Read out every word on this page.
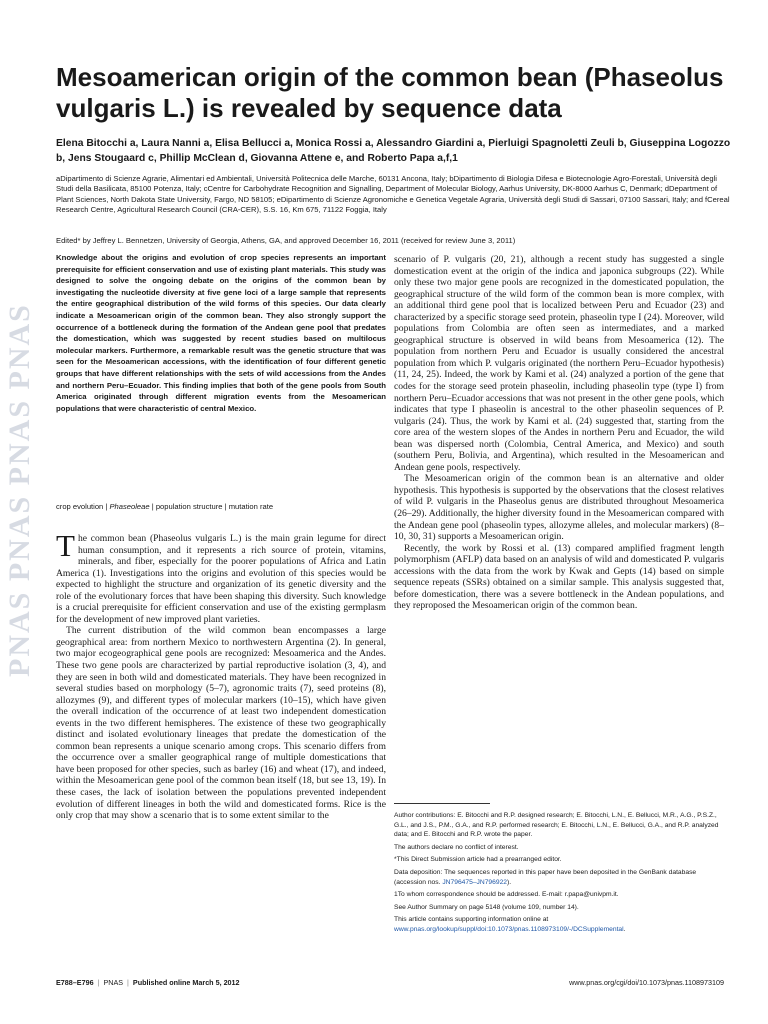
PNAS PNAS PNAS PNAS
Mesoamerican origin of the common bean (Phaseolus vulgaris L.) is revealed by sequence data

Elena Bitocchi a, Laura Nanni a, Elisa Bellucci a, Monica Rossi a, Alessandro Giardini a, Pierluigi Spagnoletti Zeuli b, Giuseppina Logozzo b, Jens Stougaard c, Phillip McClean d, Giovanna Attene e, and Roberto Papa a,f,1

aDipartimento di Scienze Agrarie, Alimentari ed Ambientali, Università Politecnica delle Marche, 60131 Ancona, Italy; bDipartimento di Biologia Difesa e Biotecnologie Agro-Forestali, Università degli Studi della Basilicata, 85100 Potenza, Italy; cCentre for Carbohydrate Recognition and Signalling, Department of Molecular Biology, Aarhus University, DK-8000 Aarhus C, Denmark; dDepartment of Plant Sciences, North Dakota State University, Fargo, ND 58105; eDipartimento di Scienze Agronomiche e Genetica Vegetale Agraria, Università degli Studi di Sassari, 07100 Sassari, Italy; and fCereal Research Centre, Agricultural Research Council (CRA-CER), S.S. 16, Km 675, 71122 Foggia, Italy

Edited* by Jeffrey L. Bennetzen, University of Georgia, Athens, GA, and approved December 16, 2011 (received for review June 3, 2011)

Knowledge about the origins and evolution of crop species represents an important prerequisite for efficient conservation and use of existing plant materials. This study was designed to solve the ongoing debate on the origins of the common bean by investigating the nucleotide diversity at five gene loci of a large sample that represents the entire geographical distribution of the wild forms of this species. Our data clearly indicate a Mesoamerican origin of the common bean. They also strongly support the occurrence of a bottleneck during the formation of the Andean gene pool that predates the domestication, which was suggested by recent studies based on multilocus molecular markers. Furthermore, a remarkable result was the genetic structure that was seen for the Mesoamerican accessions, with the identification of four different genetic groups that have different relationships with the sets of wild accessions from the Andes and northern Peru–Ecuador. This finding implies that both of the gene pools from South America originated through different migration events from the Mesoamerican populations that were characteristic of central Mexico.

crop evolution | Phaseoleae | population structure | mutation rate

The common bean (Phaseolus vulgaris L.) is the main grain legume for direct human consumption, and it represents a rich source of protein, vitamins, minerals, and fiber, especially for the poorer populations of Africa and Latin America (1). Investigations into the origins and evolution of this species would be expected to highlight the structure and organization of its genetic diversity and the role of the evolutionary forces that have been shaping this diversity. Such knowledge is a crucial prerequisite for efficient conservation and use of the existing germplasm for the development of new improved plant varieties.

The current distribution of the wild common bean encompasses a large geographical area: from northern Mexico to northwestern Argentina (2). In general, two major ecogeographical gene pools are recognized: Mesoamerica and the Andes. These two gene pools are characterized by partial reproductive isolation (3, 4), and they are seen in both wild and domesticated materials. They have been recognized in several studies based on morphology (5–7), agronomic traits (7), seed proteins (8), allozymes (9), and different types of molecular markers (10–15), which have given the overall indication of the occurrence of at least two independent domestication events in the two different hemispheres. The existence of these two geographically distinct and isolated evolutionary lineages that predate the domestication of the common bean represents a unique scenario among crops. This scenario differs from the occurrence over a smaller geographical range of multiple domestications that have been proposed for other species, such as barley (16) and wheat (17), and indeed, within the Mesoamerican gene pool of the common bean itself (18, but see 13, 19). In these cases, the lack of isolation between the populations prevented independent evolution of different lineages in both the wild and domesticated forms. Rice is the only crop that may show a scenario that is to some extent similar to the

scenario of P. vulgaris (20, 21), although a recent study has suggested a single domestication event at the origin of the indica and japonica subgroups (22). While only these two major gene pools are recognized in the domesticated population, the geographical structure of the wild form of the common bean is more complex, with an additional third gene pool that is localized between Peru and Ecuador (23) and characterized by a specific storage seed protein, phaseolin type I (24). Moreover, wild populations from Colombia are often seen as intermediates, and a marked geographical structure is observed in wild beans from Mesoamerica (12). The population from northern Peru and Ecuador is usually considered the ancestral population from which P. vulgaris originated (the northern Peru–Ecuador hypothesis) (11, 24, 25). Indeed, the work by Kami et al. (24) analyzed a portion of the gene that codes for the storage seed protein phaseolin, including phaseolin type (type I) from northern Peru–Ecuador accessions that was not present in the other gene pools, which indicates that type I phaseolin is ancestral to the other phaseolin sequences of P. vulgaris (24). Thus, the work by Kami et al. (24) suggested that, starting from the core area of the western slopes of the Andes in northern Peru and Ecuador, the wild bean was dispersed north (Colombia, Central America, and Mexico) and south (southern Peru, Bolivia, and Argentina), which resulted in the Mesoamerican and Andean gene pools, respectively.

The Mesoamerican origin of the common bean is an alternative and older hypothesis. This hypothesis is supported by the observations that the closest relatives of wild P. vulgaris in the Phaseolus genus are distributed throughout Mesoamerica (26–29). Additionally, the higher diversity found in the Mesoamerican compared with the Andean gene pool (phaseolin types, allozyme alleles, and molecular markers) (8–10, 30, 31) supports a Mesoamerican origin.

Recently, the work by Rossi et al. (13) compared amplified fragment length polymorphism (AFLP) data based on an analysis of wild and domesticated P. vulgaris accessions with the data from the work by Kwak and Gepts (14) based on simple sequence repeats (SSRs) obtained on a similar sample. This analysis suggested that, before domestication, there was a severe bottleneck in the Andean populations, and they reproposed the Mesoamerican origin of the common bean.

Author contributions: E. Bitocchi and R.P. designed research; E. Bitocchi, L.N., E. Bellucci, M.R., A.G., P.S.Z., G.L., and J.S., P.M., G.A., and R.P. performed research; E. Bitocchi, L.N., E. Bellucci, G.A., and R.P. analyzed data; and E. Bitocchi and R.P. wrote the paper.

The authors declare no conflict of interest.

*This Direct Submission article had a prearranged editor.

Data deposition: The sequences reported in this paper have been deposited in the GenBank database (accession nos. JN796475–JN796922).

1To whom correspondence should be addressed. E-mail: r.papa@univpm.it.

See Author Summary on page 5148 (volume 109, number 14).

This article contains supporting information online at www.pnas.org/lookup/suppl/doi:10.1073/pnas.1108973109/-/DCSupplemental.

E788–E796 | PNAS | Published online March 5, 2012	www.pnas.org/cgi/doi/10.1073/pnas.1108973109
